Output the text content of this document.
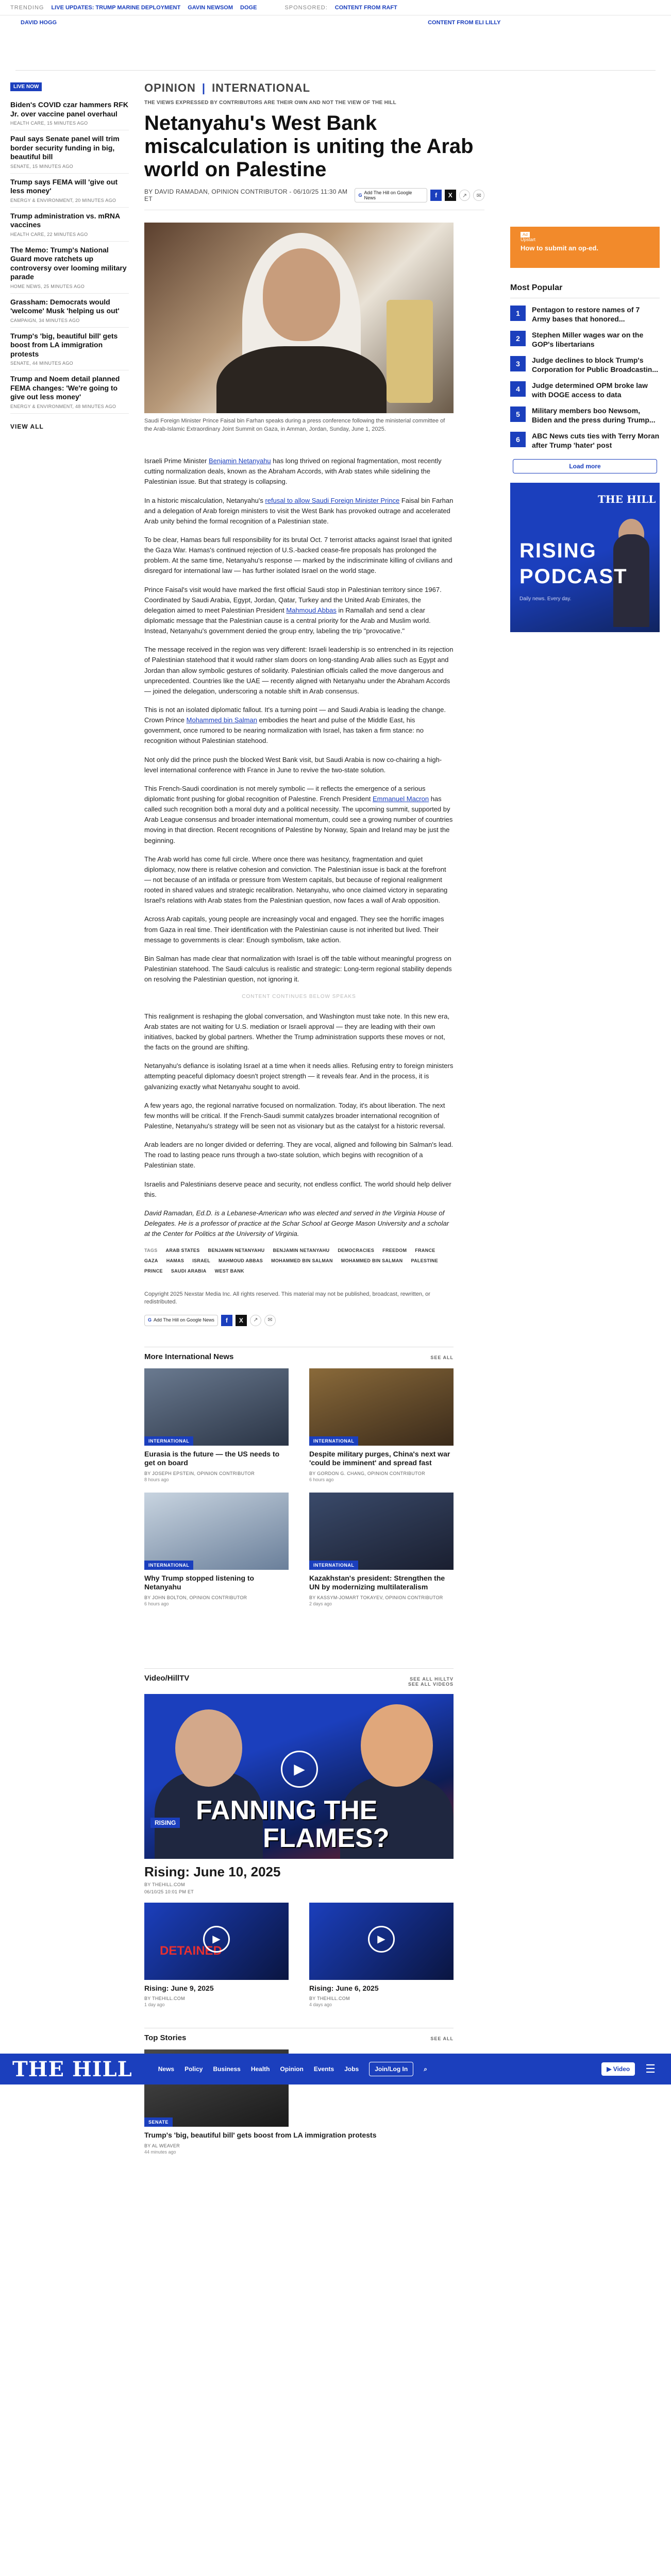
TRENDING LIVE UPDATES: TRUMP MARINE DEPLOYMENT GAVIN NEWSOM DOGE	SPONSORED: CONTENT FROM RAFT
DAVID HOGG	CONTENT FROM ELI LILLY
LIVE NOW
Biden's COVID czar hammers RFK Jr. over vaccine panel overhaul
HEALTH CARE, 15 MINUTES AGO
Paul says Senate panel will trim border security funding in big, beautiful bill
SENATE, 15 MINUTES AGO
Trump says FEMA will 'give out less money'
ENERGY & ENVIRONMENT, 20 MINUTES AGO
Trump administration vs. mRNA vaccines
HEALTH CARE, 22 MINUTES AGO
The Memo: Trump's National Guard move ratchets up controversy over looming military parade
HOME NEWS, 25 MINUTES AGO
Grassham: Democrats would 'welcome' Musk 'helping us out'
CAMPAIGN, 34 MINUTES AGO
Trump's 'big, beautiful bill' gets boost from LA immigration protests
SENATE, 44 MINUTES AGO
Trump and Noem detail planned FEMA changes: 'We're going to give out less money'
ENERGY & ENVIRONMENT, 48 MINUTES AGO
VIEW ALL
OPINION | INTERNATIONAL
THE VIEWS EXPRESSED BY CONTRIBUTORS ARE THEIR OWN AND NOT THE VIEW OF THE HILL
Netanyahu's West Bank miscalculation is uniting the Arab world on Palestine
BY DAVID RAMADAN, OPINION CONTRIBUTOR - 06/10/25 11:30 AM ET	G Add The Hill on Google News	f	X	↗	✉
Saudi Foreign Minister Prince Faisal bin Farhan speaks during a press conference following the ministerial committee of the Arab-Islamic Extraordinary Joint Summit on Gaza, in Amman, Jordan, Sunday, June 1, 2025.

Israeli Prime Minister Benjamin Netanyahu has long thrived on regional fragmentation, most recently cutting normalization deals, known as the Abraham Accords, with Arab states while sidelining the Palestinian issue. But that strategy is collapsing.

In a historic miscalculation, Netanyahu's refusal to allow Saudi Foreign Minister Prince Faisal bin Farhan and a delegation of Arab foreign ministers to visit the West Bank has provoked outrage and accelerated Arab unity behind the formal recognition of a Palestinian state.

To be clear, Hamas bears full responsibility for its brutal Oct. 7 terrorist attacks against Israel that ignited the Gaza War. Hamas's continued rejection of U.S.-backed cease-fire proposals has prolonged the problem. At the same time, Netanyahu's response — marked by the indiscriminate killing of civilians and disregard for international law — has further isolated Israel on the world stage.

Prince Faisal's visit would have marked the first official Saudi stop in Palestinian territory since 1967. Coordinated by Saudi Arabia, Egypt, Jordan, Qatar, Turkey and the United Arab Emirates, the delegation aimed to meet Palestinian President Mahmoud Abbas in Ramallah and send a clear diplomatic message that the Palestinian cause is a central priority for the Arab and Muslim world. Instead, Netanyahu's government denied the group entry, labeling the trip "provocative."

The message received in the region was very different: Israeli leadership is so entrenched in its rejection of Palestinian statehood that it would rather slam doors on long-standing Arab allies such as Egypt and Jordan than allow symbolic gestures of solidarity. Palestinian officials called the move dangerous and unprecedented. Countries like the UAE — recently aligned with Netanyahu under the Abraham Accords — joined the delegation, underscoring a notable shift in Arab consensus.

This is not an isolated diplomatic fallout. It's a turning point — and Saudi Arabia is leading the change. Crown Prince Mohammed bin Salman embodies the heart and pulse of the Middle East, his government, once rumored to be nearing normalization with Israel, has taken a firm stance: no recognition without Palestinian statehood.

Not only did the prince push the blocked West Bank visit, but Saudi Arabia is now co-chairing a high-level international conference with France in June to revive the two-state solution.

This French-Saudi coordination is not merely symbolic — it reflects the emergence of a serious diplomatic front pushing for global recognition of Palestine. French President Emmanuel Macron has called such recognition both a moral duty and a political necessity. The upcoming summit, supported by Arab League consensus and broader international momentum, could see a growing number of countries moving in that direction. Recent recognitions of Palestine by Norway, Spain and Ireland may be just the beginning.

The Arab world has come full circle. Where once there was hesitancy, fragmentation and quiet diplomacy, now there is relative cohesion and conviction. The Palestinian issue is back at the forefront — not because of an intifada or pressure from Western capitals, but because of regional realignment rooted in shared values and strategic recalibration. Netanyahu, who once claimed victory in separating Israel's relations with Arab states from the Palestinian question, now faces a wall of Arab opposition.

Across Arab capitals, young people are increasingly vocal and engaged. They see the horrific images from Gaza in real time. Their identification with the Palestinian cause is not inherited but lived. Their message to governments is clear: Enough symbolism, take action.

Bin Salman has made clear that normalization with Israel is off the table without meaningful progress on Palestinian statehood. The Saudi calculus is realistic and strategic: Long-term regional stability depends on resolving the Palestinian question, not ignoring it.

CONTENT CONTINUES BELOW SPEAKS

This realignment is reshaping the global conversation, and Washington must take note. In this new era, Arab states are not waiting for U.S. mediation or Israeli approval — they are leading with their own initiatives, backed by global partners. Whether the Trump administration supports these moves or not, the facts on the ground are shifting.

Netanyahu's defiance is isolating Israel at a time when it needs allies. Refusing entry to foreign ministers attempting peaceful diplomacy doesn't project strength — it reveals fear. And in the process, it is galvanizing exactly what Netanyahu sought to avoid.

A few years ago, the regional narrative focused on normalization. Today, it's about liberation. The next few months will be critical. If the French-Saudi summit catalyzes broader international recognition of Palestine, Netanyahu's strategy will be seen not as visionary but as the catalyst for a historic reversal.

Arab leaders are no longer divided or deferring. They are vocal, aligned and following bin Salman's lead. The road to lasting peace runs through a two-state solution, which begins with recognition of a Palestinian state.

Israelis and Palestinians deserve peace and security, not endless conflict. The world should help deliver this.

David Ramadan, Ed.D. is a Lebanese-American who was elected and served in the Virginia House of Delegates. He is a professor of practice at the Schar School at George Mason University and a scholar at the Center for Politics at the University of Virginia.

TAGS ARAB STATES BENJAMIN NETANYAHU BENJAMIN NETANYAHU DEMOCRACIES FREEDOM FRANCE
GAZA HAMAS ISRAEL MAHMOUD ABBAS MOHAMMED BIN SALMAN MOHAMMED BIN SALMAN PALESTINE
PRINCE SAUDI ARABIA WEST BANK
Copyright 2025 Nexstar Media Inc. All rights reserved. This material may not be published, broadcast, rewritten, or redistributed.
G Add The Hill on Google News	f	X	↗	✉
More International News	SEE ALL
INTERNATIONAL
Eurasia is the future — the US needs to get on board
BY JOSEPH EPSTEIN, OPINION CONTRIBUTOR
8 hours ago
INTERNATIONAL
Despite military purges, China's next war 'could be imminent' and spread fast
BY GORDON G. CHANG, OPINION CONTRIBUTOR
6 hours ago
INTERNATIONAL
Why Trump stopped listening to Netanyahu
BY JOHN BOLTON, OPINION CONTRIBUTOR
6 hours ago
INTERNATIONAL
Kazakhstan's president: Strengthen the UN by modernizing multilateralism
BY KASSYM-JOMART TOKAYEV, OPINION CONTRIBUTOR
2 days ago
Video/HillTV	SEE ALL HILLTV
SEE ALL VIDEOS
▶
RISING FANNING THE
FLAMES?
Rising: June 10, 2025
BY THEHILL.COM
06/10/25 10:01 PM ET
DETAINED
▶
Rising: June 9, 2025
BY THEHILL.COM
1 day ago
▶
Rising: June 6, 2025
BY THEHILL.COM
4 days ago
Top Stories	SEE ALL
SENATE
Trump's 'big, beautiful bill' gets boost from LA immigration protests
BY AL WEAVER
44 minutes ago
THE HILL	News Policy Business Health Opinion Events Jobs	Join/Log In	⌕	▶ Video	☰
Ad
Upstart
How to submit an op-ed.
Most Popular
1	Pentagon to restore names of 7 Army bases that honored...
2	Stephen Miller wages war on the GOP's libertarians
3	Judge declines to block Trump's Corporation for Public Broadcastin...
4	Judge determined OPM broke law with DOGE access to data
5	Military members boo Newsom, Biden and the press during Trump...
6	ABC News cuts ties with Terry Moran after Trump 'hater' post
Load more
THE HILL
RISING
PODCAST
Daily news. Every day.
